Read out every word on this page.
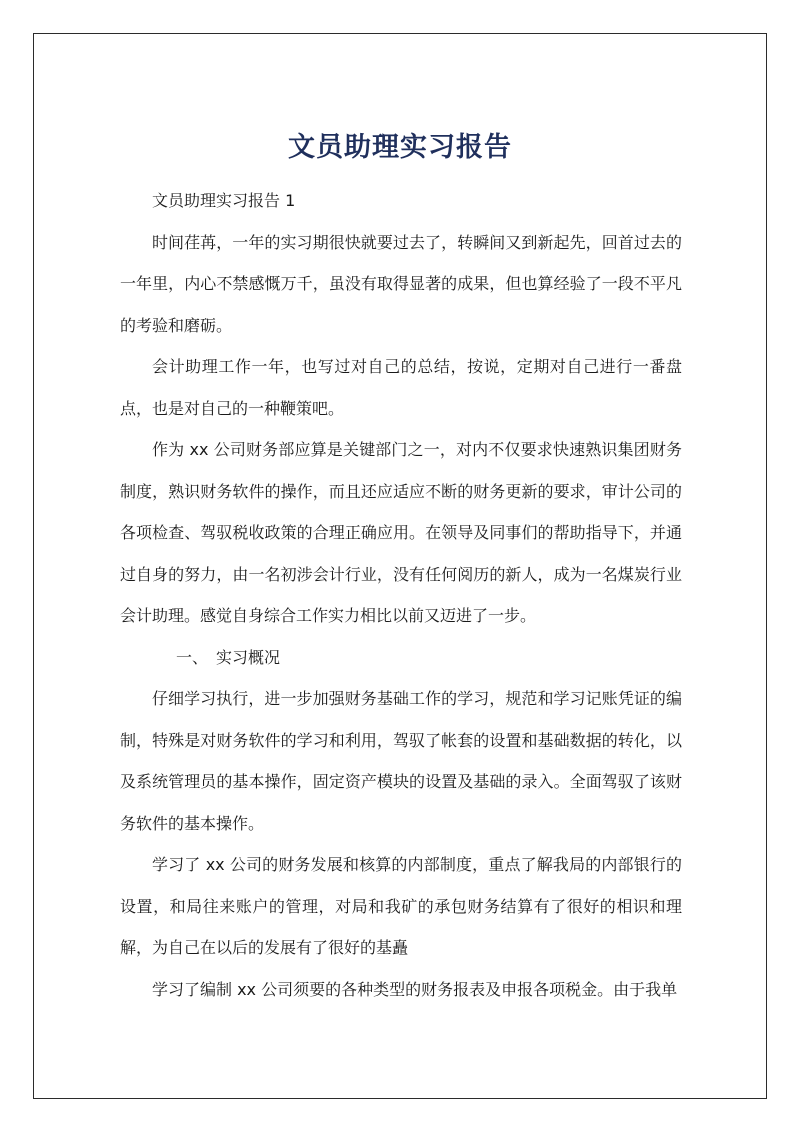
文员助理实习报告

文员助理实习报告 1

时间荏苒，一年的实习期很快就要过去了，转瞬间又到新起先，回首过去的一年里，内心不禁感慨万千，虽没有取得显著的成果，但也算经验了一段不平凡的考验和磨砺。

会计助理工作一年，也写过对自己的总结，按说，定期对自己进行一番盘点，也是对自己的一种鞭策吧。

作为 xx 公司财务部应算是关键部门之一，对内不仅要求快速熟识集团财务制度，熟识财务软件的操作，而且还应适应不断的财务更新的要求，审计公司的各项检查、驾驭税收政策的合理正确应用。在领导及同事们的帮助指导下，并通过自身的努力，由一名初涉会计行业，没有任何阅历的新人，成为一名煤炭行业会计助理。感觉自身综合工作实力相比以前又迈进了一步。

一、 实习概况

仔细学习执行，进一步加强财务基础工作的学习，规范和学习记账凭证的编制，特殊是对财务软件的学习和利用，驾驭了帐套的设置和基础数据的转化，以及系统管理员的基本操作，固定资产模块的设置及基础的录入。全面驾驭了该财务软件的基本操作。

学习了 xx 公司的财务发展和核算的内部制度，重点了解我局的内部银行的设置，和局往来账户的管理，对局和我矿的承包财务结算有了很好的相识和理解，为自己在以后的发展有了很好的基矗

学习了编制 xx 公司须要的各种类型的财务报表及申报各项税金。由于我单
